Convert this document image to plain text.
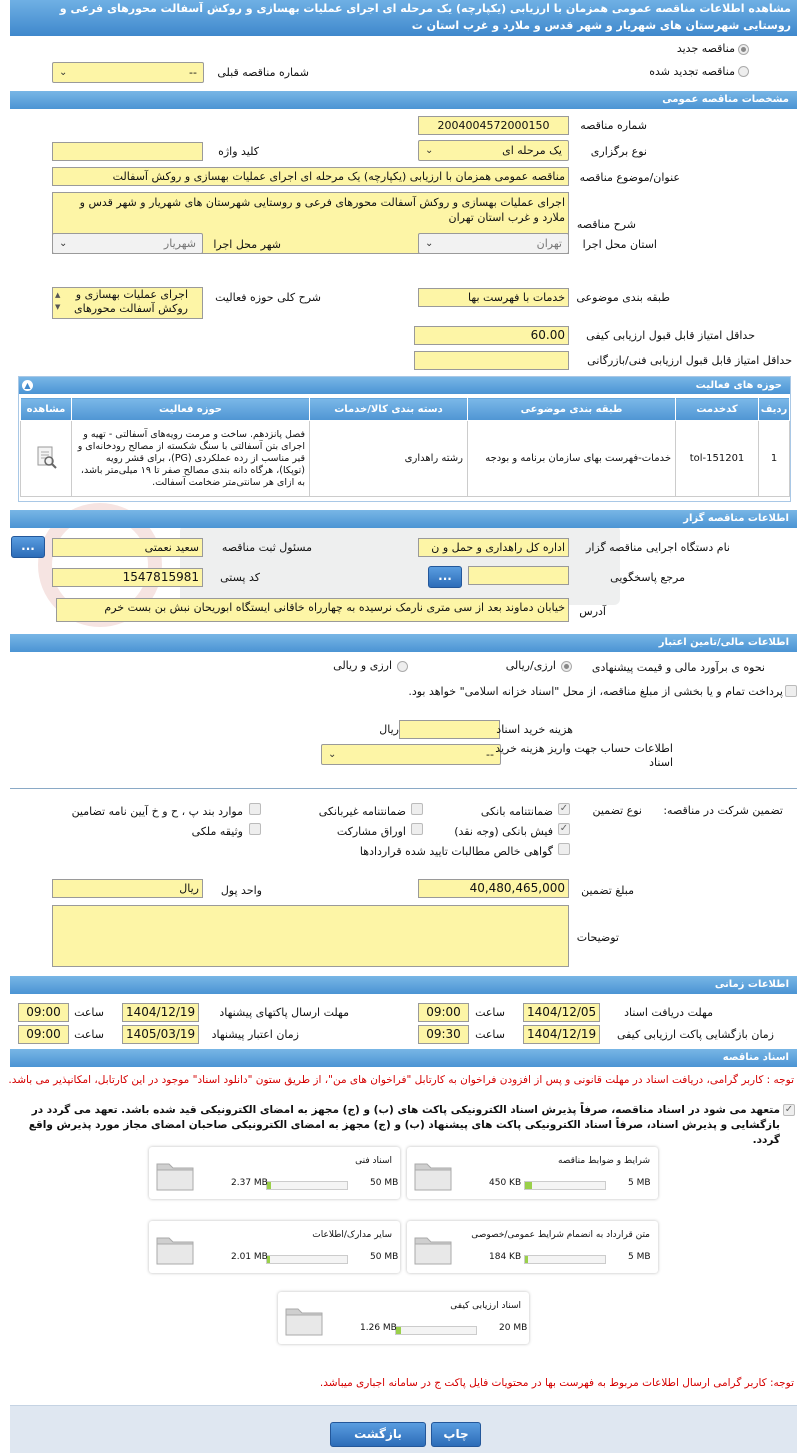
مشاهده اطلاعات مناقصه عمومی همزمان با ارزیابی (یکپارچه) یک مرحله ای اجرای عملیات بهسازی و روکش آسفالت محورهای فرعی و
روستایی شهرستان های شهریار و شهر قدس و ملارد و غرب استان ت
مناقصه جدید
مناقصه تجدید شده
شماره مناقصه قبلی
--
⌄
مشخصات مناقصه عمومی
2004004572000150	شماره مناقصه
یک مرحله ای
⌄	نوع برگزاری
کلید واژه
مناقصه عمومی همزمان با ارزیابی (یکپارچه) یک مرحله ای اجرای عملیات بهسازی و روکش آسفالت	عنوان/موضوع مناقصه
اجرای عملیات بهسازی و روکش آسفالت محورهای فرعی و روستایی شهرستان های شهریار و شهر قدس و ملارد و غرب استان تهران
شرح مناقصه
تهران
⌄	استان محل اجرا
شهریار
⌄	شهر محل اجرا
خدمات با فهرست بها	طبقه بندی موضوعی
اجرای عملیات بهسازی و روکش آسفالت محورهای
▲
▼
شرح کلی حوزه فعالیت
60.00	حداقل امتیاز قابل قبول ارزیابی کیفی
حداقل امتیاز قابل قبول ارزیابی فنی/بازرگانی
حوزه های فعالیت
▲
ردیف	کدخدمت	طبقه بندی موضوعی	دسته بندی کالا/خدمات	حوزه فعالیت	مشاهده
1	tol-151201	خدمات-فهرست بهای سازمان برنامه و بودجه	رشته راهداری	فصل پانزدهم. ساخت و مرمت رویه‌های آسفالتی - تهیه و اجرای بتن آسفالتی با سنگ شکسته از مصالح رودخانه‌ای و قیر مناسب از رده عملکردی (PG)، برای قشر رویه (توپکا)، هرگاه دانه بندی مصالح صفر تا ۱۹ میلی‌متر باشد، به ازای هر سانتی‌متر ضخامت آسفالت.	
اطلاعات مناقصه گزار
اداره کل راهداری و حمل و ن	نام دستگاه اجرایی مناقصه گزار
سعید نعمتی	مسئول ثبت مناقصه
...
...	مرجع پاسخگویی
1547815981	کد پستی
خیابان دماوند بعد از سی متری نارمک نرسیده به چهارراه خاقانی ایستگاه ابوریحان نبش بن بست خرم	آدرس
اطلاعات مالی/تامین اعتبار
نحوه ی برآورد مالی و قیمت پیشنهادی
ارزی/ریالی
ارزی و ریالی
پرداخت تمام و یا بخشی از مبلغ مناقصه، از محل "اسناد خزانه اسلامی" خواهد بود.
ریال	هزینه خرید اسناد
--
⌄	اطلاعات حساب جهت واریز هزینه خرید اسناد
تضمین شرکت در مناقصه:
نوع تضمین
✓
ضمانتنامه بانکی
ضمانتنامه غیربانکی
موارد بند پ ، ح و خ آیین نامه تضامین
✓
فیش بانکی (وجه نقد)
اوراق مشارکت
وثیقه ملکی
گواهی خالص مطالبات تایید شده قراردادها
40,480,465,000	مبلغ تضمین
ریال	واحد پول
توضیحات
اطلاعات زمانی
1404/12/05	مهلت دریافت اسناد
09:00	ساعت
1404/12/19	مهلت ارسال پاکتهای پیشنهاد
09:00	ساعت
1404/12/19	زمان بازگشایی پاکت ارزیابی کیفی
09:30	ساعت
1405/03/19	زمان اعتبار پیشنهاد
09:00	ساعت
اسناد مناقصه
توجه : کاربر گرامی، دریافت اسناد در مهلت قانونی و پس از افزودن فراخوان به کارتابل "فراخوان های من"، از طریق ستون "دانلود اسناد" موجود در این کارتابل، امکانپذیر می باشد.
✓
متعهد می شود در اسناد مناقصه، صرفاً پذیرش اسناد الکترونیکی پاکت های (ب) و (ج) مجهز به امضای الکترونیکی قید شده باشد. تعهد می گردد در بازگشایی و پذیرش اسناد، صرفاً اسناد الکترونیکی پاکت های پیشنهاد (ب) و (ج) مجهز به امضای الکترونیکی صاحبان امضای مجاز مورد پذیرش واقع گردد.
شرایط و ضوابط مناقصه
450 KB	5 MB
اسناد فنی
2.37 MB	50 MB
متن قرارداد به انضمام شرایط عمومی/خصوصی
184 KB	5 MB
سایر مدارک/اطلاعات
2.01 MB	50 MB
اسناد ارزیابی کیفی
1.26 MB	20 MB
توجه: کاربر گرامی ارسال اطلاعات مربوط به فهرست بها در محتویات فایل پاکت ج در سامانه اجباری میباشد.
چاپ
بازگشت
